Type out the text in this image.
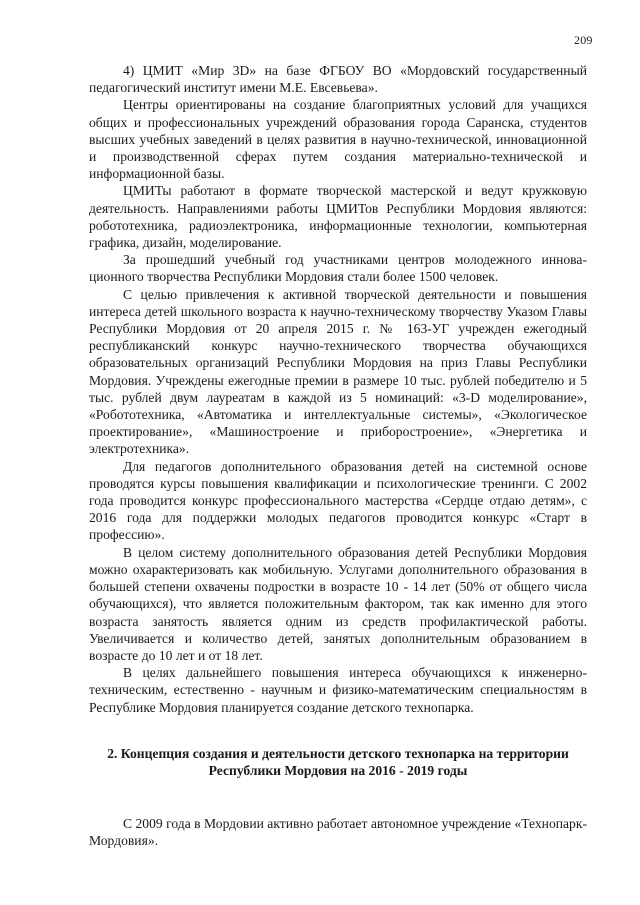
209

4) ЦМИТ «Мир 3D» на базе ФГБОУ ВО «Мордовский государственный педагогический институт имени М.Е. Евсевьева».

Центры ориентированы на создание благоприятных условий для учащихся общих и профессиональных учреждений образования города Саранска, студентов высших учебных заведений в целях развития в научно-технической, инновационной и производственной сферах путем создания материально-технической и информационной базы.

ЦМИТы работают в формате творческой мастерской и ведут кружковую деятельность. Направлениями работы ЦМИТов Республики Мордовия являются: робототехника, радиоэлектроника, информационные технологии, компьютерная графика, дизайн, моделирование.

За прошедший учебный год участниками центров молодежного инновационного творчества Республики Мордовия стали более 1500 человек.

С целью привлечения к активной творческой деятельности и повышения интереса детей школьного возраста к научно-техническому творчеству Указом Главы Республики Мордовия от 20 апреля 2015 г. № 163-УГ учрежден ежегодный республиканский конкурс научно-технического творчества обучающихся образовательных организаций Республики Мордовия на приз Главы Республики Мордовия. Учреждены ежегодные премии в размере 10 тыс. рублей победителю и 5 тыс. рублей двум лауреатам в каждой из 5 номинаций: «3-D моделирование», «Робототехника, «Автоматика и интеллектуальные системы», «Экологическое проектирование», «Машиностроение и приборостроение», «Энергетика и электротехника».

Для педагогов дополнительного образования детей на системной основе проводятся курсы повышения квалификации и психологические тренинги. С 2002 года проводится конкурс профессионального мастерства «Сердце отдаю детям», с 2016 года для поддержки молодых педагогов проводится конкурс «Старт в профессию».

В целом систему дополнительного образования детей Республики Мордовия можно охарактеризовать как мобильную. Услугами дополнительного образования в большей степени охвачены подростки в возрасте 10 - 14 лет (50% от общего числа обучающихся), что является положительным фактором, так как именно для этого возраста занятость является одним из средств профилактической работы. Увеличивается и количество детей, занятых дополнительным образованием в возрасте до 10 лет и от 18 лет.

В целях дальнейшего повышения интереса обучающихся к инженерно-техническим, естественно - научным и физико-математическим специальностям в Республике Мордовия планируется создание детского технопарка.

2. Концепция создания и деятельности детского технопарка на территории Республики Мордовия на 2016 - 2019 годы

С 2009 года в Мордовии активно работает автономное учреждение «Технопарк-Мордовия».
